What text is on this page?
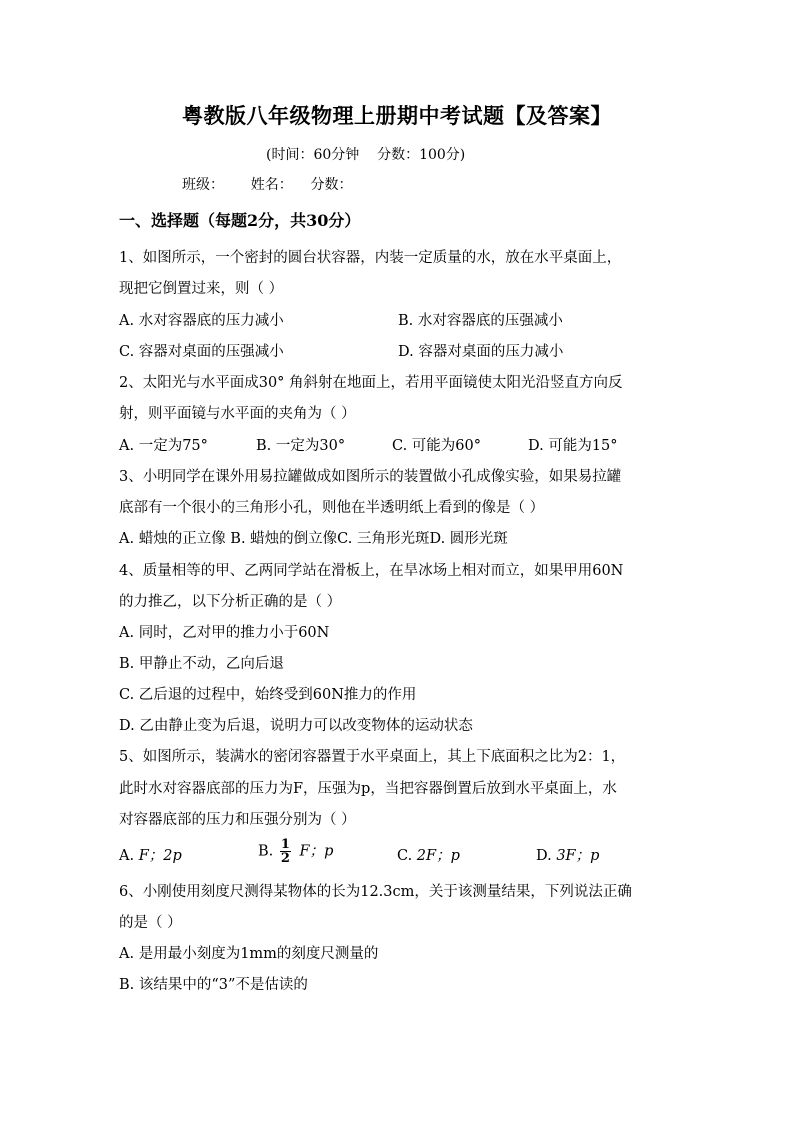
粤教版八年级物理上册期中考试题【及答案】
(时间：60分钟    分数：100分)
班级：      姓名：    分数：
一、选择题（每题2分，共30分）
1、如图所示，一个密封的圆台状容器，内装一定质量的水，放在水平桌面上，
现把它倒置过来，则（ ）
A. 水对容器底的压力减小	B. 水对容器底的压强减小
C. 容器对桌面的压强减小	D. 容器对桌面的压力减小
2、太阳光与水平面成30° 角斜射在地面上，若用平面镜使太阳光沿竖直方向反
射，则平面镜与水平面的夹角为（ ）
A. 一定为75°	B. 一定为30°	C. 可能为60°	D. 可能为15°
3、小明同学在课外用易拉罐做成如图所示的装置做小孔成像实验，如果易拉罐
底部有一个很小的三角形小孔，则他在半透明纸上看到的像是（ ）
A. 蜡烛的正立像 B. 蜡烛的倒立像C. 三角形光斑D. 圆形光斑
4、质量相等的甲、乙两同学站在滑板上，在旱冰场上相对而立，如果甲用60N
的力推乙，以下分析正确的是（ ）
A. 同时，乙对甲的推力小于60N
B. 甲静止不动，乙向后退
C. 乙后退的过程中，始终受到60N推力的作用
D. 乙由静止变为后退，说明力可以改变物体的运动状态
5、如图所示，装满水的密闭容器置于水平桌面上，其上下底面积之比为2：1，
此时水对容器底部的压力为F，压强为p，当把容器倒置后放到水平桌面上，水
对容器底部的压力和压强分别为（ ）
A. F；2p	B. $\frac{1}{2}$ F；p	C. 2F；p	D. 3F；p
6、小刚使用刻度尺测得某物体的长为12.3cm，关于该测量结果，下列说法正确
的是（ ）
A. 是用最小刻度为1mm的刻度尺测量的
B. 该结果中的“3”不是估读的
